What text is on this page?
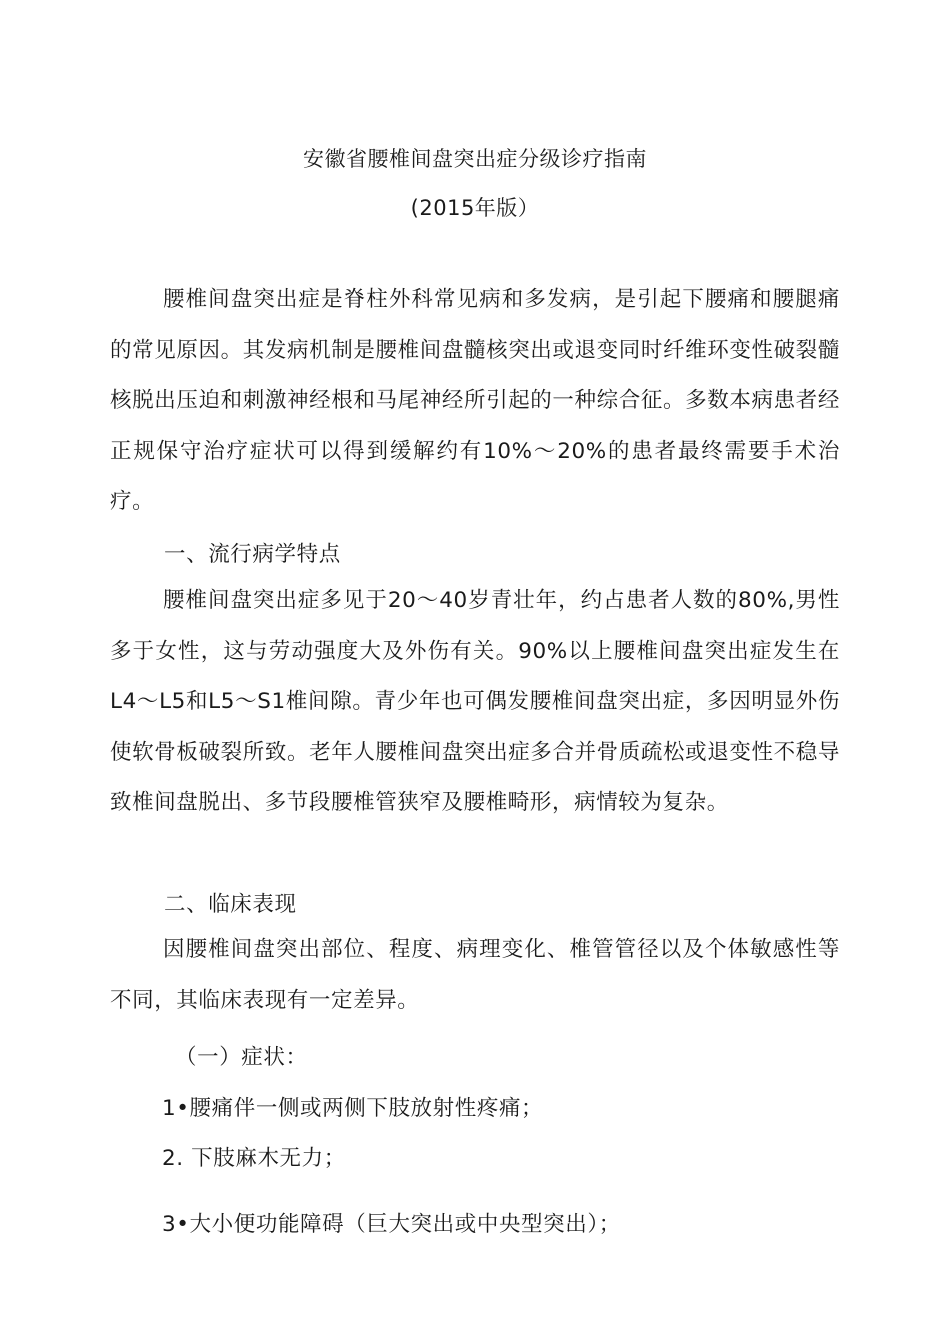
安徽省腰椎间盘突出症分级诊疗指南
(2015年版）

腰椎间盘突出症是脊柱外科常见病和多发病，是引起下腰痛和腰腿痛的常见原因。其发病机制是腰椎间盘髓核突出或退变同时纤维环变性破裂髓核脱出压迫和刺激神经根和马尾神经所引起的一种综合征。多数本病患者经正规保守治疗症状可以得到缓解约有10%〜20%的患者最终需要手术治疗。

一、流行病学特点

腰椎间盘突出症多见于20〜40岁青壮年，约占患者人数的80%,男性多于女性，这与劳动强度大及外伤有关。90%以上腰椎间盘突出症发生在L4〜L5和L5〜S1椎间隙。青少年也可偶发腰椎间盘突出症，多因明显外伤使软骨板破裂所致。老年人腰椎间盘突出症多合并骨质疏松或退变性不稳导致椎间盘脱出、多节段腰椎管狭窄及腰椎畸形，病情较为复杂。

二、临床表现

因腰椎间盘突出部位、程度、病理变化、椎管管径以及个体敏感性等不同，其临床表现有一定差异。

（一）症状：
1•腰痛伴一侧或两侧下肢放射性疼痛；
2. 下肢麻木无力；
3•大小便功能障碍（巨大突出或中央型突出）；
